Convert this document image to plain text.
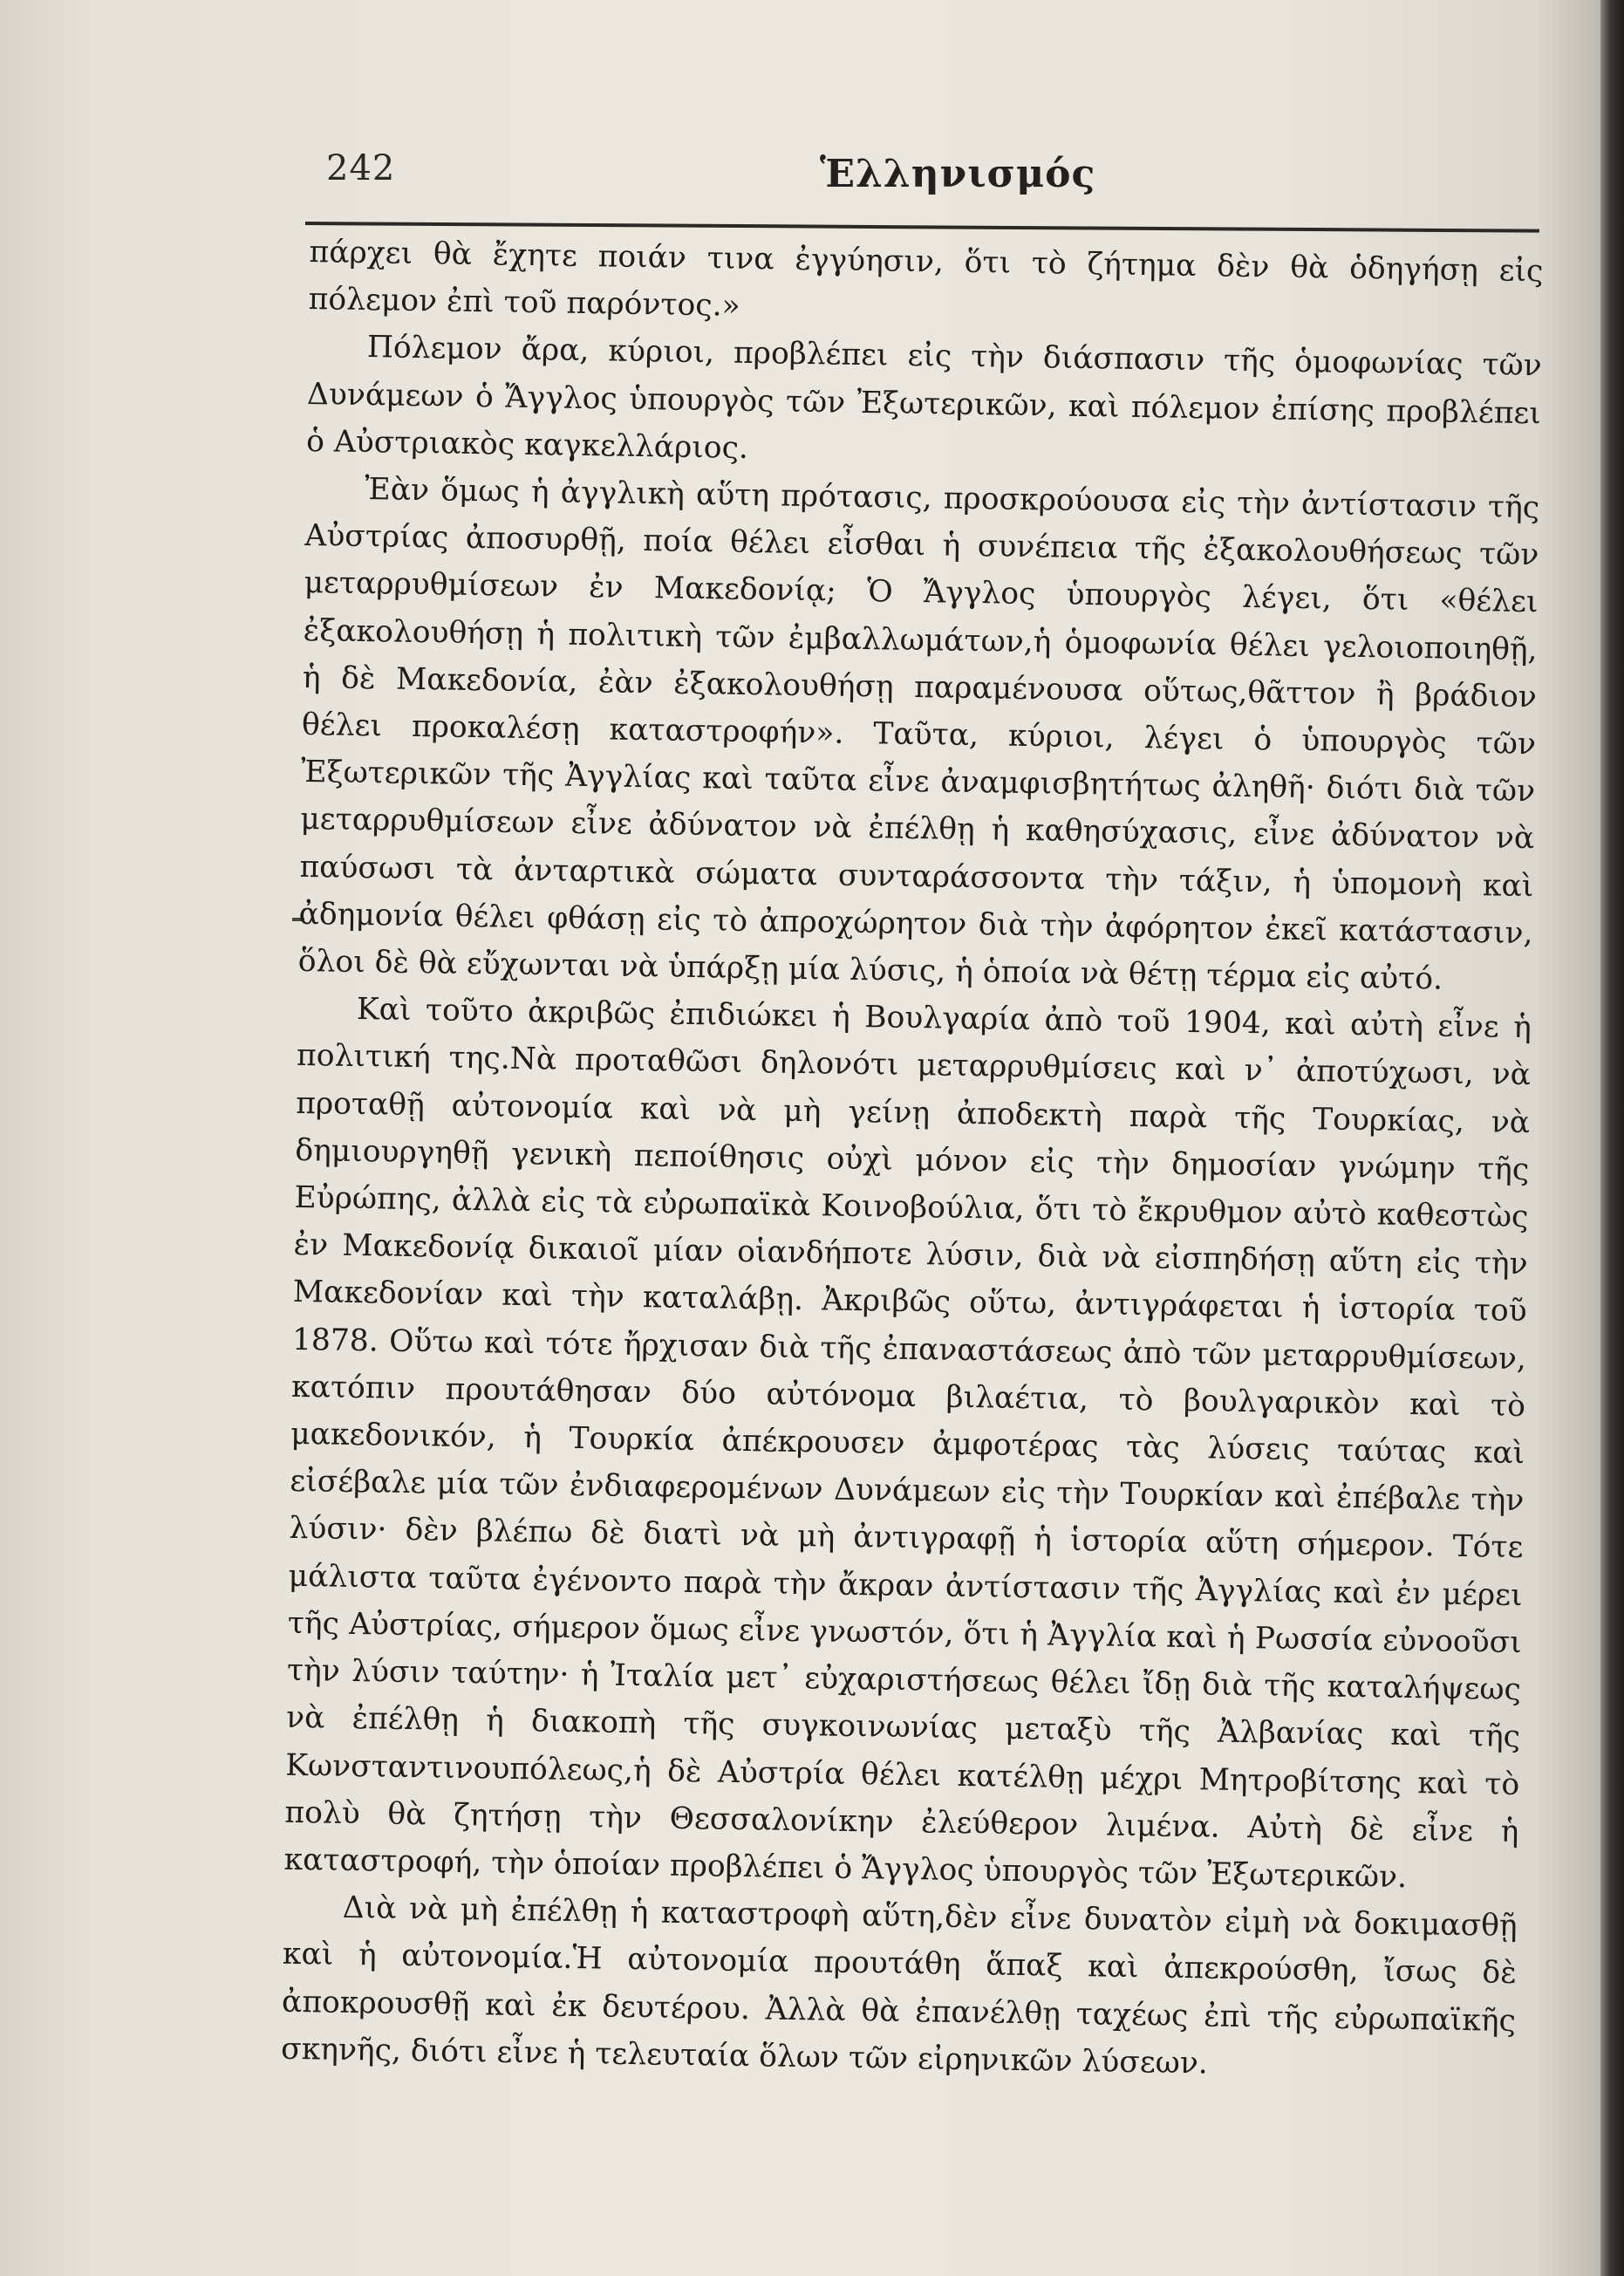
242	Ἑλληνισμός

πάρχει θὰ ἔχητε ποιάν τινα ἐγγύησιν, ὅτι τὸ ζήτημα δὲν θὰ ὁδηγήσῃ εἰς πόλεμον ἐπὶ τοῦ παρόντος.»

Πόλεμον ἄρα, κύριοι, προβλέπει εἰς τὴν διάσπασιν τῆς ὁμοφωνίας τῶν Δυνάμεων ὁ Ἄγγλος ὑπουργὸς τῶν Ἐξωτερικῶν, καὶ πόλεμον ἐπίσης προβλέπει ὁ Αὐστριακὸς καγκελλάριος.

Ἐὰν ὅμως ἡ ἀγγλικὴ αὕτη πρότασις, προσκρούουσα εἰς τὴν ἀντίστασιν τῆς Αὐστρίας ἀποσυρθῇ, ποία θέλει εἶσθαι ἡ συνέπεια τῆς ἐξακολουθήσεως τῶν μεταρρυθμίσεων ἐν Μακεδονίᾳ; Ὁ Ἄγγλος ὑπουργὸς λέγει, ὅτι «θέλει ἐξακολουθήσῃ ἡ πολιτικὴ τῶν ἐμβαλλωμάτων,ἡ ὁμοφωνία θέλει γελοιοποιηθῇ, ἡ δὲ Μακεδονία, ἐὰν ἐξακολουθήσῃ παραμένουσα οὕτως,θᾶττον ἢ βράδιον θέλει προκαλέσῃ καταστροφήν». Ταῦτα, κύριοι, λέγει ὁ ὑπουργὸς τῶν Ἐξωτερικῶν τῆς Ἀγγλίας καὶ ταῦτα εἶνε ἀναμφισβητήτως ἀληθῆ· διότι διὰ τῶν μεταρρυθμίσεων εἶνε ἀδύνατον νὰ ἐπέλθῃ ἡ καθησύχασις, εἶνε ἀδύνατον νὰ παύσωσι τὰ ἀνταρτικὰ σώματα συνταράσσοντα τὴν τάξιν, ἡ ὑπομονὴ καὶ ἀδημονία θέλει φθάσῃ εἰς τὸ ἀπροχώρητον διὰ τὴν ἀφόρητον ἐκεῖ κατάστασιν, ὅλοι δὲ θὰ εὔχωνται νὰ ὑπάρξῃ μία λύσις, ἡ ὁποία νὰ θέτῃ τέρμα εἰς αὐτό.

Καὶ τοῦτο ἀκριβῶς ἐπιδιώκει ἡ Βουλγαρία ἀπὸ τοῦ 1904, καὶ αὐτὴ εἶνε ἡ πολιτική της.Νὰ προταθῶσι δηλονότι μεταρρυθμίσεις καὶ ν᾽ ἀποτύχωσι, νὰ προταθῇ αὐτονομία καὶ νὰ μὴ γείνῃ ἀποδεκτὴ παρὰ τῆς Τουρκίας, νὰ δημιουργηθῇ γενικὴ πεποίθησις οὐχὶ μόνον εἰς τὴν δημοσίαν γνώμην τῆς Εὐρώπης, ἀλλὰ εἰς τὰ εὐρωπαϊκὰ Κοινοβούλια, ὅτι τὸ ἔκρυθμον αὐτὸ καθεστὼς ἐν Μακεδονίᾳ δικαιοῖ μίαν οἱανδήποτε λύσιν, διὰ νὰ εἰσπηδήσῃ αὕτη εἰς τὴν Μακεδονίαν καὶ τὴν καταλάβῃ. Ἀκριβῶς οὕτω, ἀντιγράφεται ἡ ἱστορία τοῦ 1878. Οὕτω καὶ τότε ἤρχισαν διὰ τῆς ἐπαναστάσεως ἀπὸ τῶν μεταρρυθμίσεων, κατόπιν προυτάθησαν δύο αὐτόνομα βιλαέτια, τὸ βουλγαρικὸν καὶ τὸ μακεδονικόν, ἡ Τουρκία ἀπέκρουσεν ἀμφοτέρας τὰς λύσεις ταύτας καὶ εἰσέβαλε μία τῶν ἐνδιαφερομένων Δυνάμεων εἰς τὴν Τουρκίαν καὶ ἐπέβαλε τὴν λύσιν· δὲν βλέπω δὲ διατὶ νὰ μὴ ἀντιγραφῇ ἡ ἱστορία αὕτη σήμερον. Τότε μάλιστα ταῦτα ἐγένοντο παρὰ τὴν ἄκραν ἀντίστασιν τῆς Ἀγγλίας καὶ ἐν μέρει τῆς Αὐστρίας, σήμερον ὅμως εἶνε γνωστόν, ὅτι ἡ Ἀγγλία καὶ ἡ Ρωσσία εὐνοοῦσι τὴν λύσιν ταύτην· ἡ Ἰταλία μετ᾽ εὐχαριστήσεως θέλει ἴδῃ διὰ τῆς καταλήψεως νὰ ἐπέλθῃ ἡ διακοπὴ τῆς συγκοινωνίας μεταξὺ τῆς Ἀλβανίας καὶ τῆς Κωνσταντινουπόλεως,ἡ δὲ Αὐστρία θέλει κατέλθῃ μέχρι Μητροβίτσης καὶ τὸ πολὺ θὰ ζητήσῃ τὴν Θεσσαλονίκην ἐλεύθερον λιμένα. Αὐτὴ δὲ εἶνε ἡ καταστροφή, τὴν ὁποίαν προβλέπει ὁ Ἄγγλος ὑπουργὸς τῶν Ἐξωτερικῶν.

Διὰ νὰ μὴ ἐπέλθῃ ἡ καταστροφὴ αὕτη,δὲν εἶνε δυνατὸν εἰμὴ νὰ δοκιμασθῇ καὶ ἡ αὐτονομία.Ἡ αὐτονομία προυτάθη ἅπαξ καὶ ἀπεκρούσθη, ἴσως δὲ ἀποκρουσθῇ καὶ ἐκ δευτέρου. Ἀλλὰ θὰ ἐπανέλθῃ ταχέως ἐπὶ τῆς εὐρωπαϊκῆς σκηνῆς, διότι εἶνε ἡ τελευταία ὅλων τῶν εἰρηνικῶν λύσεων.
